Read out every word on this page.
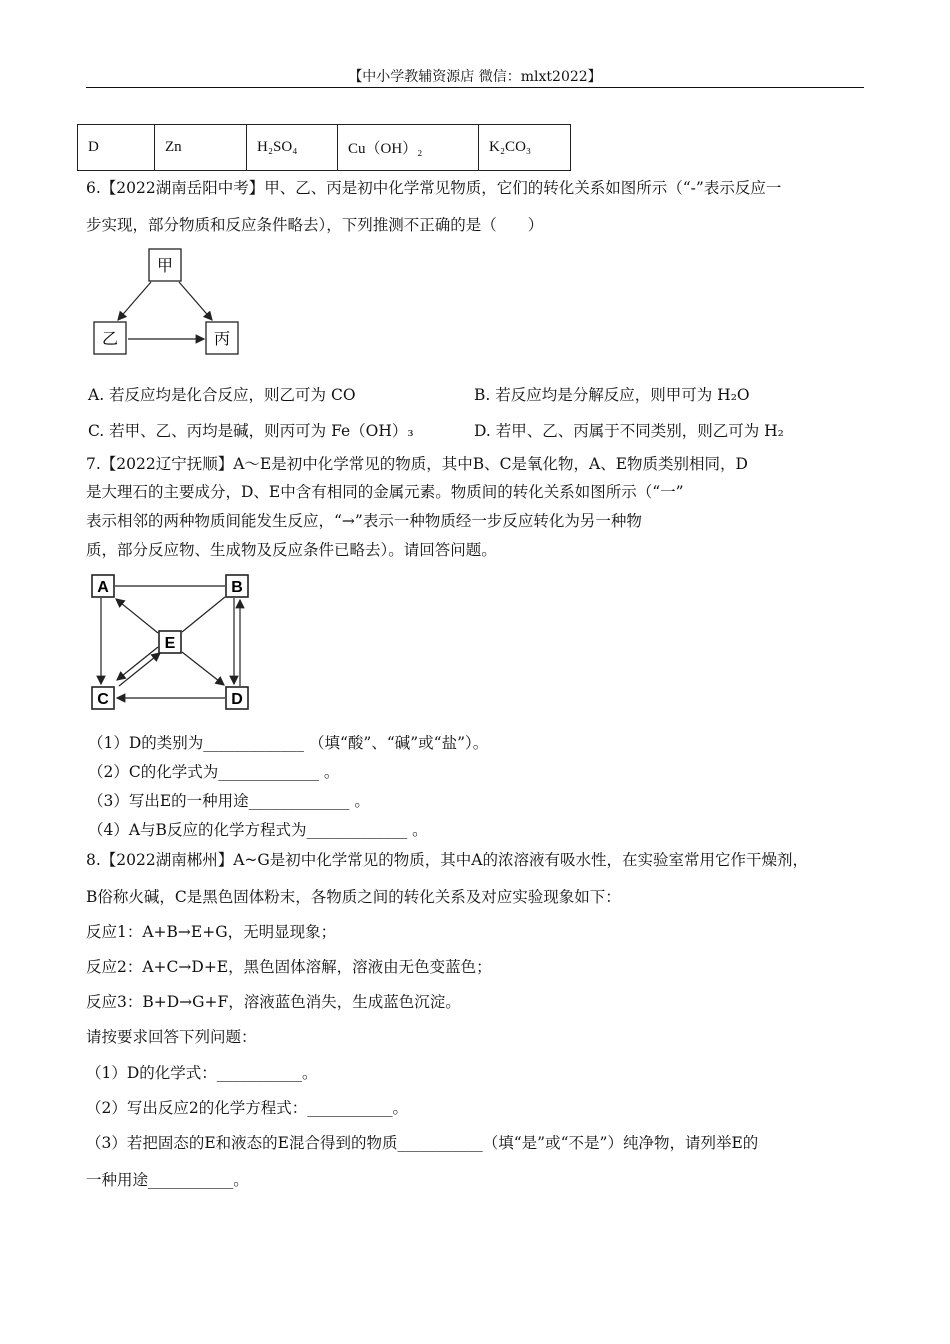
【中小学教辅资源店 微信：mlxt2022】
D	Zn	H₂SO₄	Cu（OH）₂	K₂CO₃
6.【2022湖南岳阳中考】甲、乙、丙是初中化学常见物质，它们的转化关系如图所示（“-”表示反应一
步实现，部分物质和反应条件略去），下列推测不正确的是（　　）
甲
乙	丙
A. 若反应均是化合反应，则乙可为 CO	B. 若反应均是分解反应，则甲可为 H₂O
C. 若甲、乙、丙均是碱，则丙可为 Fe（OH）₃	D. 若甲、乙、丙属于不同类别，则乙可为 H₂
7.【2022辽宁抚顺】A～E是初中化学常见的物质，其中B、C是氧化物，A、E物质类别相同，D
是大理石的主要成分，D、E中含有相同的金属元素。物质间的转化关系如图所示（“一”
表示相邻的两种物质间能发生反应，“→”表示一种物质经一步反应转化为另一种物
质，部分反应物、生成物及反应条件已略去）。请回答问题。
A	B
E
C	D
（1）D的类别为_____________ （填“酸”、“碱”或“盐”）。
（2）C的化学式为_____________ 。
（3）写出E的一种用途_____________ 。
（4）A与B反应的化学方程式为_____________ 。
8.【2022湖南郴州】A~G是初中化学常见的物质，其中A的浓溶液有吸水性，在实验室常用它作干燥剂，
B俗称火碱，C是黑色固体粉末，各物质之间的转化关系及对应实验现象如下：
反应1：A+B→E+G，无明显现象；
反应2：A+C→D+E，黑色固体溶解，溶液由无色变蓝色；
反应3：B+D→G+F，溶液蓝色消失，生成蓝色沉淀。
请按要求回答下列问题：
（1）D的化学式：___________。
（2）写出反应2的化学方程式：___________。
（3）若把固态的E和液态的E混合得到的物质___________（填“是”或“不是”）纯净物，请列举E的
一种用途___________。
